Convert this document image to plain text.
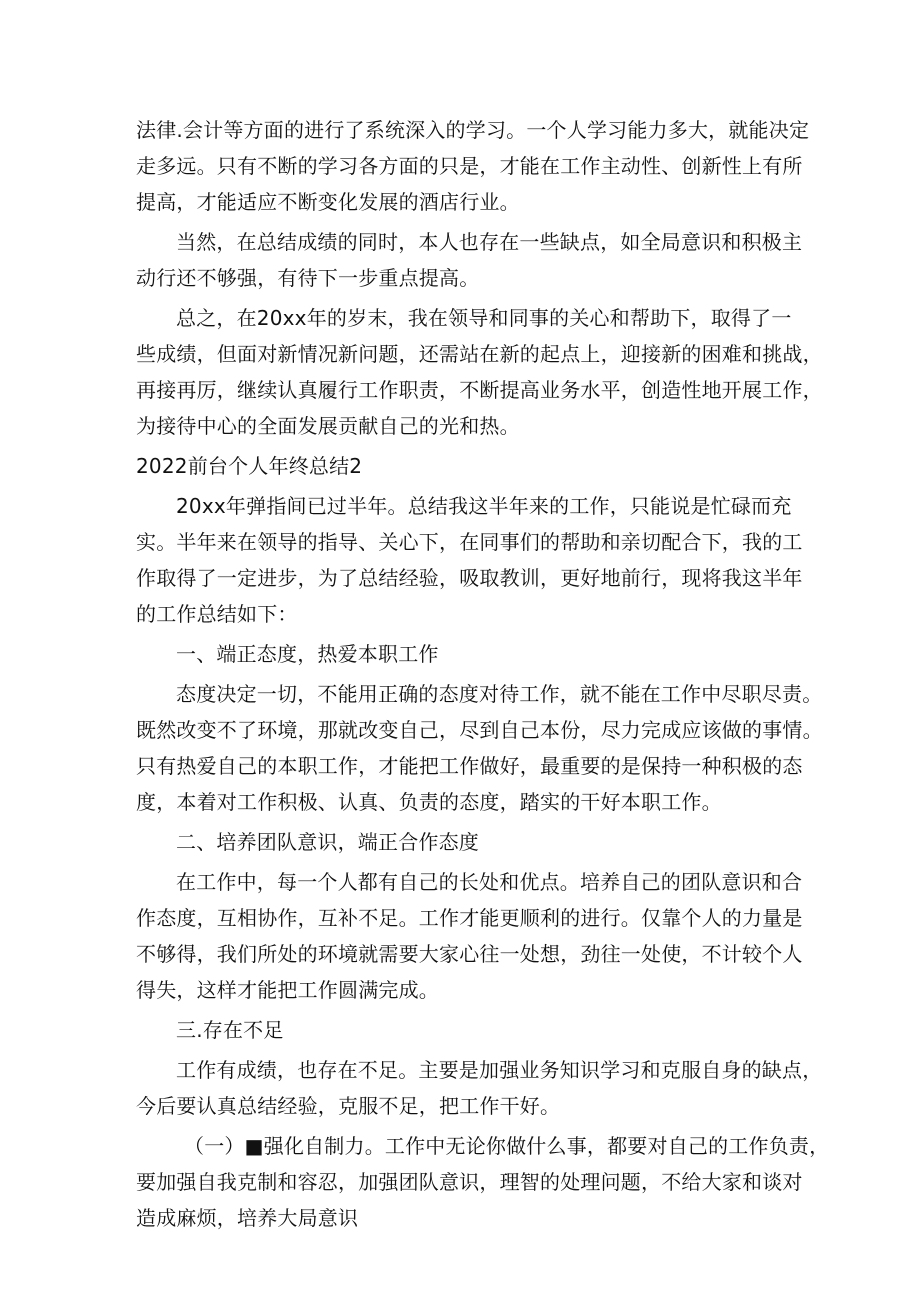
法律.会计等方面的进行了系统深入的学习。一个人学习能力多大，就能决定
走多远。只有不断的学习各方面的只是，才能在工作主动性、创新性上有所
提高，才能适应不断变化发展的酒店行业。
当然，在总结成绩的同时，本人也存在一些缺点，如全局意识和积极主
动行还不够强，有待下一步重点提高。
总之，在20xx年的岁末，我在领导和同事的关心和帮助下，取得了一
些成绩，但面对新情况新问题，还需站在新的起点上，迎接新的困难和挑战，
再接再厉，继续认真履行工作职责，不断提高业务水平，创造性地开展工作，
为接待中心的全面发展贡献自己的光和热。
2022前台个人年终总结2
20xx年弹指间已过半年。总结我这半年来的工作，只能说是忙碌而充
实。半年来在领导的指导、关心下，在同事们的帮助和亲切配合下，我的工
作取得了一定进步，为了总结经验，吸取教训，更好地前行，现将我这半年
的工作总结如下：
一、端正态度，热爱本职工作
态度决定一切，不能用正确的态度对待工作，就不能在工作中尽职尽责。
既然改变不了环境，那就改变自己，尽到自己本份，尽力完成应该做的事情。
只有热爱自己的本职工作，才能把工作做好，最重要的是保持一种积极的态
度，本着对工作积极、认真、负责的态度，踏实的干好本职工作。
二、培养团队意识，端正合作态度
在工作中，每一个人都有自己的长处和优点。培养自己的团队意识和合
作态度，互相协作，互补不足。工作才能更顺利的进行。仅靠个人的力量是
不够得，我们所处的环境就需要大家心往一处想，劲往一处使，不计较个人
得失，这样才能把工作圆满完成。
三.存在不足
工作有成绩，也存在不足。主要是加强业务知识学习和克服自身的缺点，
今后要认真总结经验，克服不足，把工作干好。
（一）■强化自制力。工作中无论你做什么事，都要对自己的工作负责，
要加强自我克制和容忍，加强团队意识，理智的处理问题，不给大家和谈对
造成麻烦，培养大局意识
